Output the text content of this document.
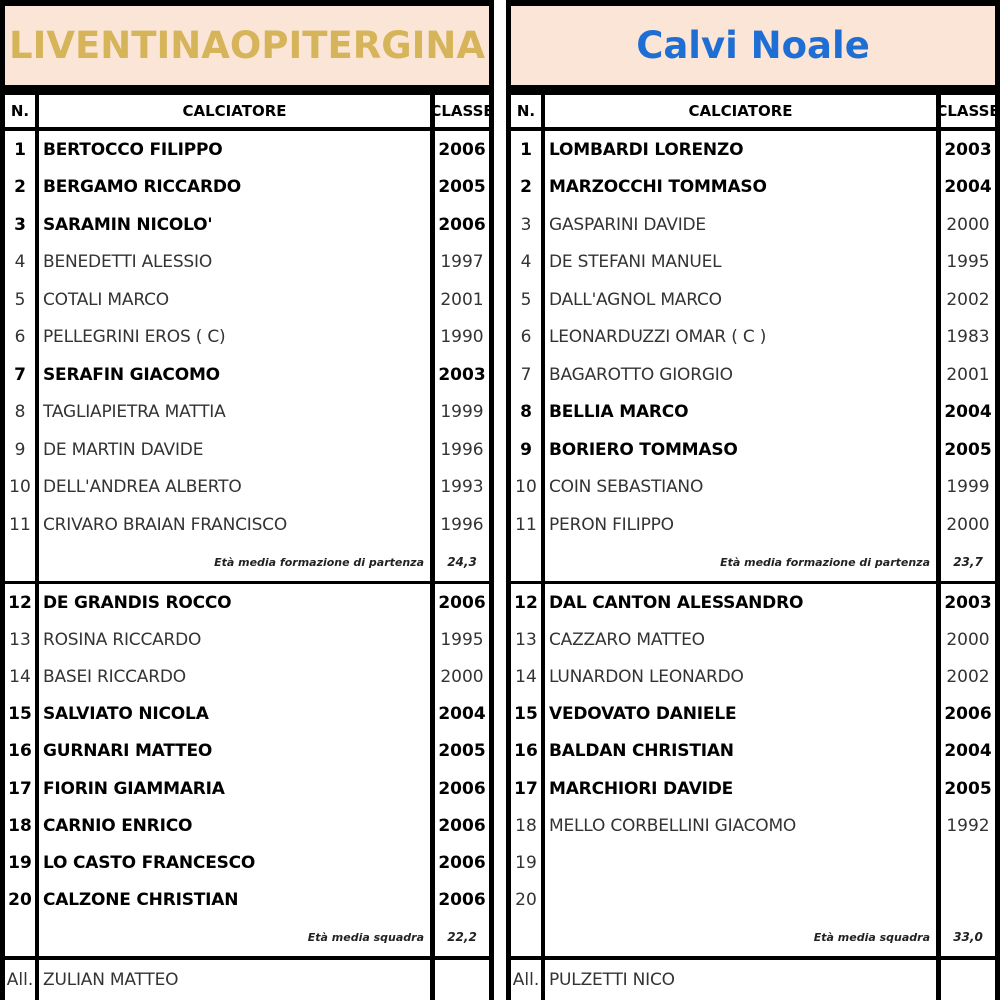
LIVENTINAOPITERGINA
N.	CALCIATORE	CLASSE
1	BERTOCCO FILIPPO	2006
2	BERGAMO RICCARDO	2005
3	SARAMIN NICOLO'	2006
4	BENEDETTI ALESSIO	1997
5	COTALI MARCO	2001
6	PELLEGRINI EROS ( C)	1990
7	SERAFIN GIACOMO	2003
8	TAGLIAPIETRA MATTIA	1999
9	DE MARTIN DAVIDE	1996
10 DELL'ANDREA ALBERTO	1993
11 CRIVARO BRAIAN FRANCISCO	1996
Età media formazione di partenza	24,3
12 DE GRANDIS ROCCO	2006
13 ROSINA RICCARDO	1995
14 BASEI RICCARDO	2000
15 SALVIATO NICOLA	2004
16 GURNARI MATTEO	2005
17 FIORIN GIAMMARIA	2006
18 CARNIO ENRICO	2006
19 LO CASTO FRANCESCO	2006
20 CALZONE CHRISTIAN	2006
Età media squadra	22,2
All. ZULIAN MATTEO
Calvi Noale
N.	CALCIATORE	CLASSE
1	LOMBARDI LORENZO	2003
2	MARZOCCHI TOMMASO	2004
3	GASPARINI DAVIDE	2000
4	DE STEFANI MANUEL	1995
5	DALL'AGNOL MARCO	2002
6	LEONARDUZZI OMAR ( C )	1983
7	BAGAROTTO GIORGIO	2001
8	BELLIA MARCO	2004
9	BORIERO TOMMASO	2005
10 COIN SEBASTIANO	1999
11 PERON FILIPPO	2000
Età media formazione di partenza	23,7
12 DAL CANTON ALESSANDRO	2003
13 CAZZARO MATTEO	2000
14 LUNARDON LEONARDO	2002
15 VEDOVATO DANIELE	2006
16 BALDAN CHRISTIAN	2004
17 MARCHIORI DAVIDE	2005
18 MELLO CORBELLINI GIACOMO	1992
19
20
Età media squadra	33,0
All. PULZETTI NICO
